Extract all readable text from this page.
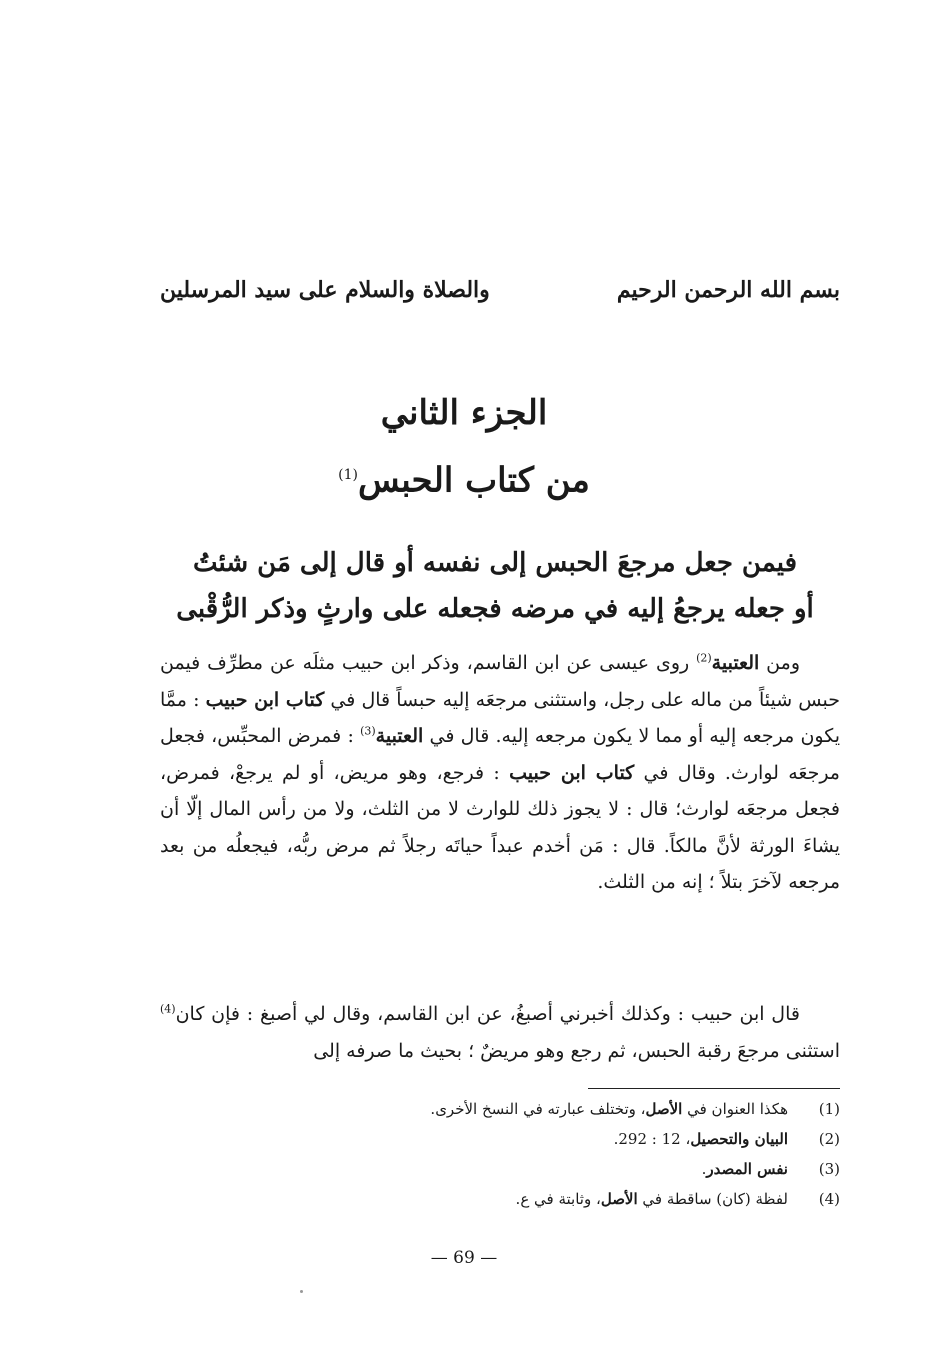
بسم الله الرحمن الرحيم
والصلاة والسلام على سيد المرسلين
الجزء الثاني
من كتاب الحبس$^{(1)}$
فيمن جعل مرجعَ الحبس إلى نفسه أو قال إلى مَن شئتُ
أو جعله يرجعُ إليه في مرضه فجعله على وارثٍ وذكر الرُّقْبى

ومن العتبية$^{(2)}$ روى عيسى عن ابن القاسم، وذكر ابن حبيب مثلَه عن مطرِّف فيمن حبس شيئاً من ماله على رجل، واستثنى مرجعَه إليه حبساً قال في كتاب ابن حبيب : ممَّا يكون مرجعه إليه أو مما لا يكون مرجعه إليه. قال في العتبية$^{(3)}$ : فمرض المحبِّس، فجعل مرجعَه لوارث. وقال في كتاب ابن حبيب : فرجع، وهو مريض، أو لم يرجعْ، فمرض، فجعل مرجعَه لوارث؛ قال : لا يجوز ذلك للوارث لا من الثلث، ولا من رأس المال إلّا أن يشاءَ الورثة لأنَّ مالكاً. قال : مَن أخدم عبداً حياتَه رجلاً ثم مرض ربُّه، فيجعلُه من بعد مرجعه لآخرَ بتلاً ؛ إنه من الثلث.

قال ابن حبيب : وكذلك أخبرني أصبغُ، عن ابن القاسم، وقال لي أصبغ : فإن كان$^{(4)}$ استثنى مرجعَ رقبة الحبس، ثم رجع وهو مريضٌ ؛ بحيث ما صرفه إلى

(1)
هكذا العنوان في الأصل، وتختلف عبارته في النسخ الأخرى.
(2)
البيان والتحصيل، 12 : 292.
(3)
نفس المصدر.
(4)
لفظة (كان) ساقطة في الأصل، وثابتة في ع.
— 69 —
